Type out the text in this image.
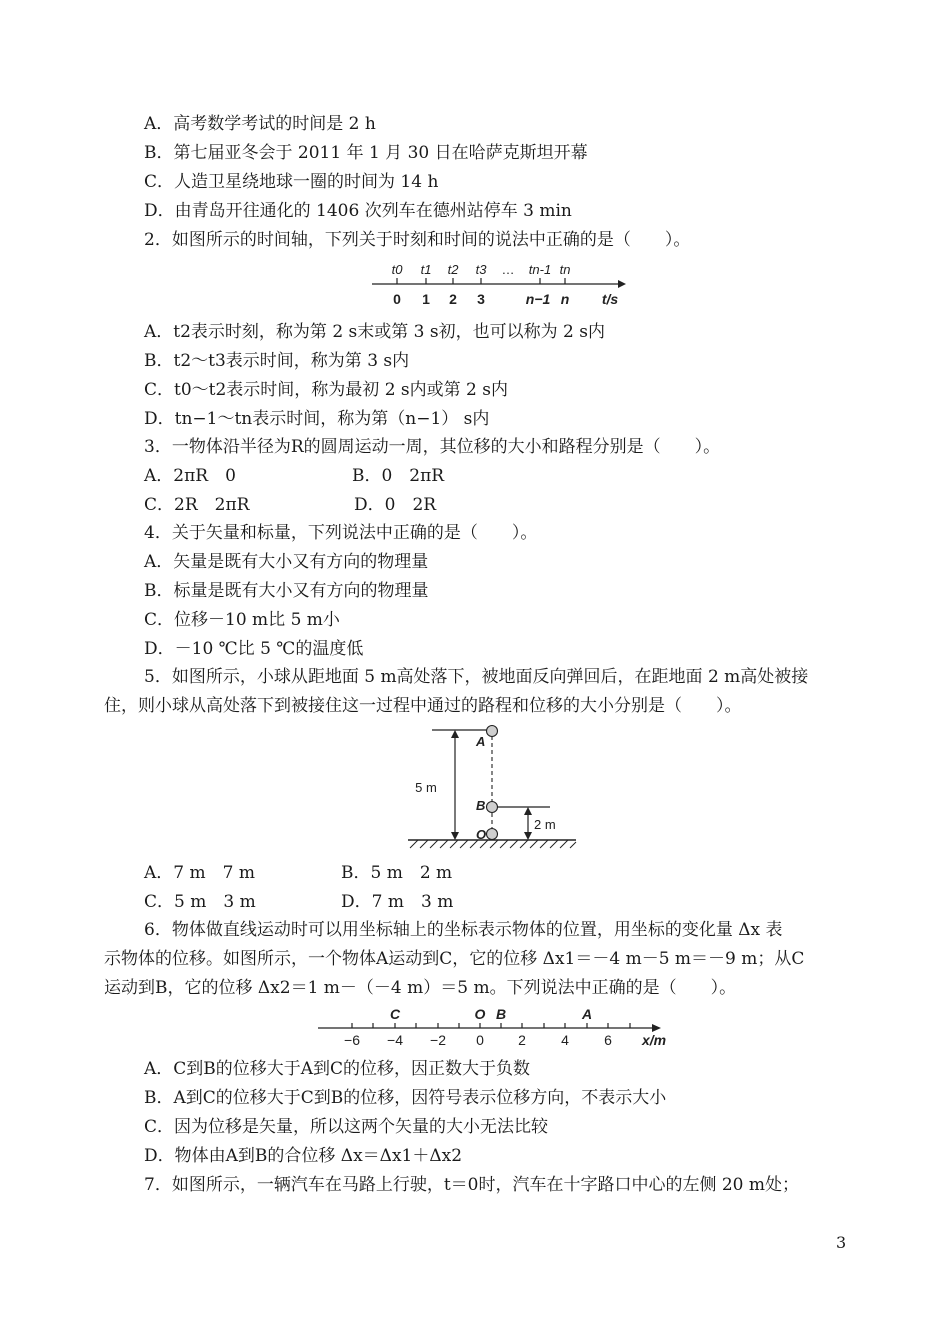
A．高考数学考试的时间是 2 h
B．第七届亚冬会于 2011 年 1 月 30 日在哈萨克斯坦开幕
C．人造卫星绕地球一圈的时间为 14 h
D．由青岛开往通化的 1406 次列车在德州站停车 3 min
2．如图所示的时间轴，下列关于时刻和时间的说法中正确的是（　　）。
t0 t1 t2 t3 … tn-1 tn
0 1 2 3	n−1 n t/s
A．t2表示时刻，称为第 2 s末或第 3 s初，也可以称为 2 s内
B．t2～t3表示时间，称为第 3 s内
C．t0～t2表示时间，称为最初 2 s内或第 2 s内
D．tn−1～tn表示时间，称为第（n−1） s内
3．一物体沿半径为R的圆周运动一周，其位移的大小和路程分别是（　　）。
A．2πR　0	B．0　2πR
C．2R　2πR	D．0　2R
4．关于矢量和标量，下列说法中正确的是（　　）。
A．矢量是既有大小又有方向的物理量
B．标量是既有大小又有方向的物理量
C．位移－10 m比 5 m小
D．－10 ℃比 5 ℃的温度低
5．如图所示，小球从距地面 5 m高处落下，被地面反向弹回后，在距地面 2 m高处被接
住，则小球从高处落下到被接住这一过程中通过的路程和位移的大小分别是（　　）。
A
B
O
5 m
2 m
A．7 m　7 m	B．5 m　2 m
C．5 m　3 m	D．7 m　3 m
6．物体做直线运动时可以用坐标轴上的坐标表示物体的位置，用坐标的变化量 Δx 表
示物体的位移。如图所示，一个物体A运动到C，它的位移 Δx1＝－4 m－5 m＝－9 m；从C
运动到B，它的位移 Δx2＝1 m－（－4 m）＝5 m。下列说法中正确的是（　　）。
C	O B	A
−6 −4 −2 0 2	4	6 x/m
A．C到B的位移大于A到C的位移，因正数大于负数
B．A到C的位移大于C到B的位移，因符号表示位移方向，不表示大小
C．因为位移是矢量，所以这两个矢量的大小无法比较
D．物体由A到B的合位移 Δx＝Δx1＋Δx2
7．如图所示，一辆汽车在马路上行驶，t＝0时，汽车在十字路口中心的左侧 20 m处；
3
